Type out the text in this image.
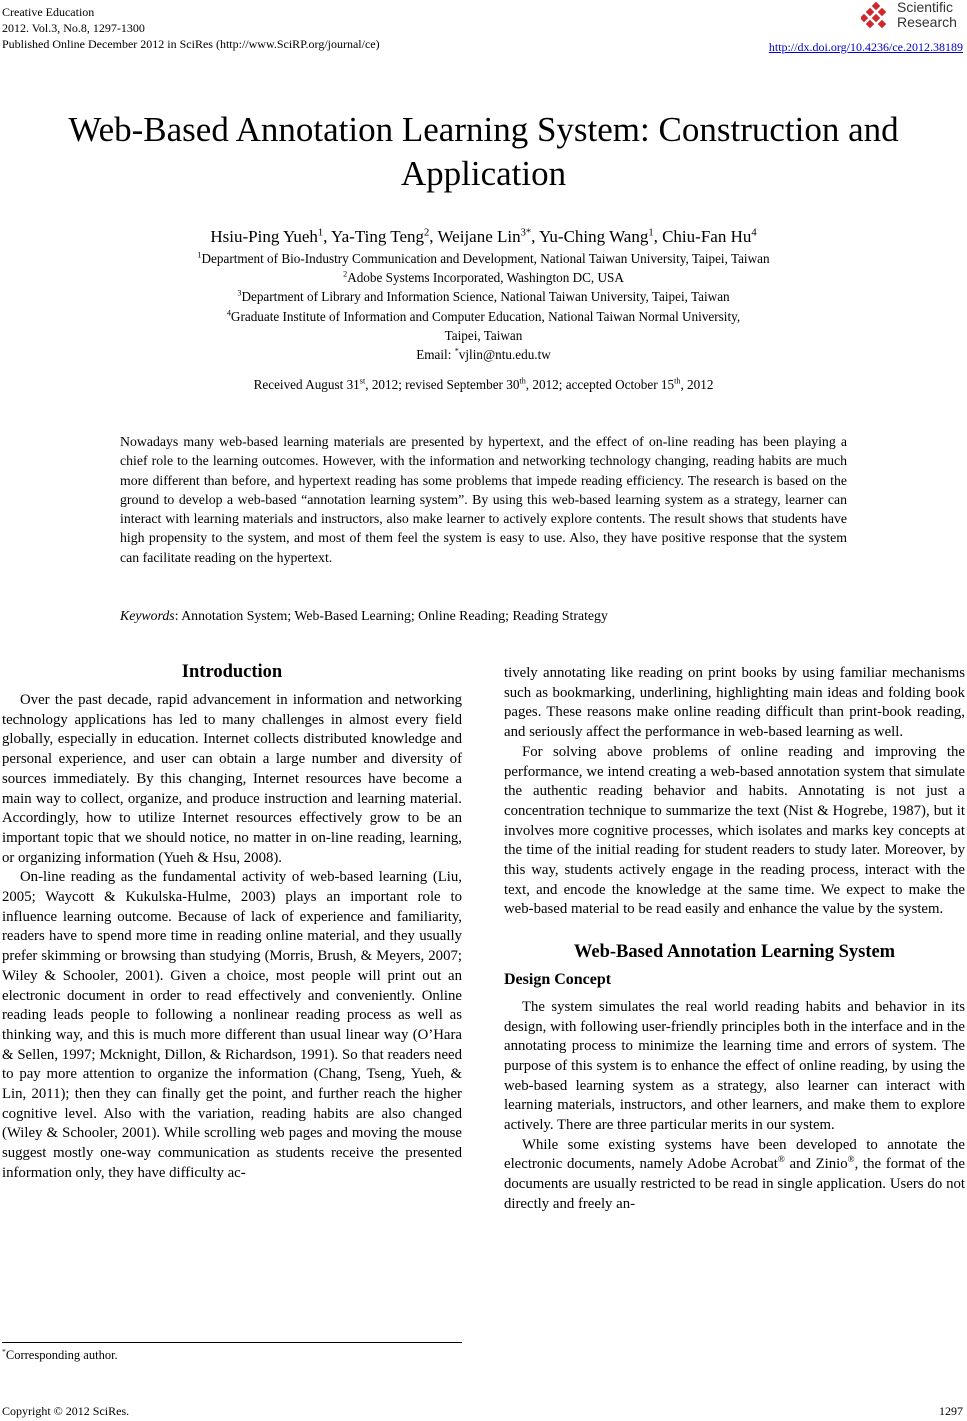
Creative Education
2012. Vol.3, No.8, 1297-1300
Published Online December 2012 in SciRes (http://www.SciRP.org/journal/ce)
Scientific
Research
http://dx.doi.org/10.4236/ce.2012.38189
Web-Based Annotation Learning System: Construction and Application
Hsiu-Ping Yueh$^1$, Ya-Ting Teng$^2$, Weijane Lin$^{3*}$, Yu-Ching Wang$^1$, Chiu-Fan Hu$^4$
$^1$Department of Bio-Industry Communication and Development, National Taiwan University, Taipei, Taiwan
$^2$Adobe Systems Incorporated, Washington DC, USA
$^3$Department of Library and Information Science, National Taiwan University, Taipei, Taiwan
$^4$Graduate Institute of Information and Computer Education, National Taiwan Normal University,
Taipei, Taiwan
Email: *vjlin@ntu.edu.tw
Received August 31st, 2012; revised September 30th, 2012; accepted October 15th, 2012
Nowadays many web-based learning materials are presented by hypertext, and the effect of on-line reading has been playing a chief role to the learning outcomes. However, with the information and networking technology changing, reading habits are much more different than before, and hypertext reading has some problems that impede reading efficiency. The research is based on the ground to develop a web-based “annotation learning system”. By using this web-based learning system as a strategy, learner can interact with learning materials and instructors, also make learner to actively explore contents. The result shows that students have high propensity to the system, and most of them feel the system is easy to use. Also, they have positive response that the system can facilitate reading on the hypertext.
Keywords: Annotation System; Web-Based Learning; Online Reading; Reading Strategy
Introduction

Over the past decade, rapid advancement in information and networking technology applications has led to many challenges in almost every field globally, especially in education. Internet collects distributed knowledge and personal experience, and user can obtain a large number and diversity of sources immediately. By this changing, Internet resources have become a main way to collect, organize, and produce instruction and learning material. Accordingly, how to utilize Internet resources effectively grow to be an important topic that we should notice, no matter in on-line reading, learning, or organizing information (Yueh & Hsu, 2008).

On-line reading as the fundamental activity of web-based learning (Liu, 2005; Waycott & Kukulska-Hulme, 2003) plays an important role to influence learning outcome. Because of lack of experience and familiarity, readers have to spend more time in reading online material, and they usually prefer skimming or browsing than studying (Morris, Brush, & Meyers, 2007; Wiley & Schooler, 2001). Given a choice, most people will print out an electronic document in order to read effectively and conveniently. Online reading leads people to following a nonlinear reading process as well as thinking way, and this is much more different than usual linear way (O’Hara & Sellen, 1997; Mcknight, Dillon, & Richardson, 1991). So that readers need to pay more attention to organize the information (Chang, Tseng, Yueh, & Lin, 2011); then they can finally get the point, and further reach the higher cognitive level. Also with the variation, reading habits are also changed (Wiley & Schooler, 2001). While scrolling web pages and moving the mouse suggest mostly one-way communication as students receive the presented information only, they have difficulty ac-

tively annotating like reading on print books by using familiar mechanisms such as bookmarking, underlining, highlighting main ideas and folding book pages. These reasons make online reading difficult than print-book reading, and seriously affect the performance in web-based learning as well.

For solving above problems of online reading and improving the performance, we intend creating a web-based annotation system that simulate the authentic reading behavior and habits. Annotating is not just a concentration technique to summarize the text (Nist & Hogrebe, 1987), but it involves more cognitive processes, which isolates and marks key concepts at the time of the initial reading for student readers to study later. Moreover, by this way, students actively engage in the reading process, interact with the text, and encode the knowledge at the same time. We expect to make the web-based material to be read easily and enhance the value by the system.

Web-Based Annotation Learning System
Design Concept

The system simulates the real world reading habits and behavior in its design, with following user-friendly principles both in the interface and in the annotating process to minimize the learning time and errors of system. The purpose of this system is to enhance the effect of online reading, by using the web-based learning system as a strategy, also learner can interact with learning materials, instructors, and other learners, and make them to explore actively. There are three particular merits in our system.

While some existing systems have been developed to annotate the electronic documents, namely Adobe Acrobat® and Zinio®, the format of the documents are usually restricted to be read in single application. Users do not directly and freely an-

*Corresponding author.
Copyright © 2012 SciRes.	1297
